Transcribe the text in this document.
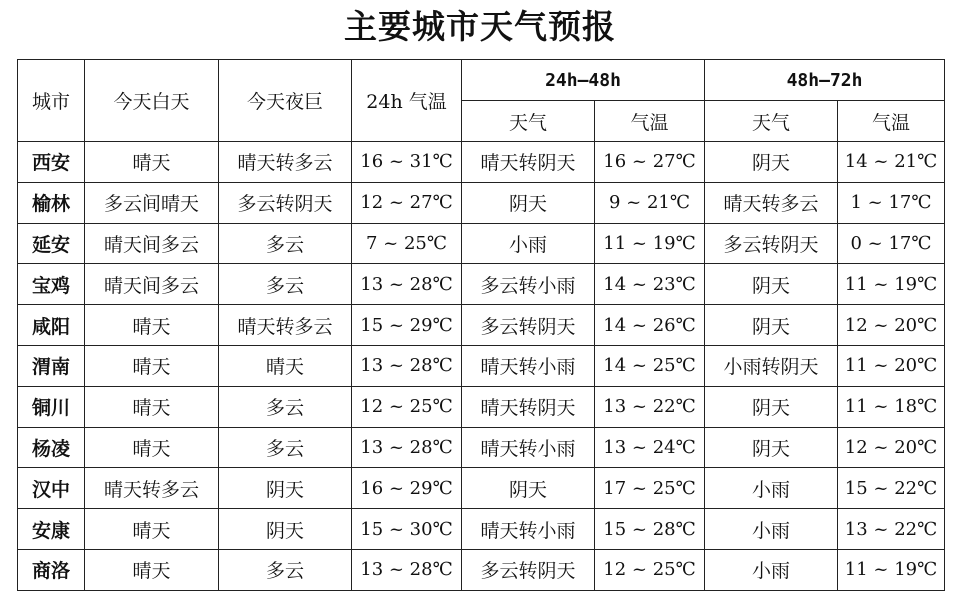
主要城市天气预报
城市	今天白天	今天夜巨	24h 气温	24h—48h		48h—72h	
				天气	气温	天气	气温
西安	晴天	晴天转多云	16 ~ 31℃	晴天转阴天	16 ~ 27℃	阴天	14 ~ 21℃
榆林	多云间晴天	多云转阴天	12 ~ 27℃	阴天	9 ~ 21℃	晴天转多云	1 ~ 17℃
延安	晴天间多云	多云	7 ~ 25℃	小雨	11 ~ 19℃	多云转阴天	0 ~ 17℃
宝鸡	晴天间多云	多云	13 ~ 28℃	多云转小雨	14 ~ 23℃	阴天	11 ~ 19℃
咸阳	晴天	晴天转多云	15 ~ 29℃	多云转阴天	14 ~ 26℃	阴天	12 ~ 20℃
渭南	晴天	晴天	13 ~ 28℃	晴天转小雨	14 ~ 25℃	小雨转阴天	11 ~ 20℃
铜川	晴天	多云	12 ~ 25℃	晴天转阴天	13 ~ 22℃	阴天	11 ~ 18℃
杨凌	晴天	多云	13 ~ 28℃	晴天转小雨	13 ~ 24℃	阴天	12 ~ 20℃
汉中	晴天转多云	阴天	16 ~ 29℃	阴天	17 ~ 25℃	小雨	15 ~ 22℃
安康	晴天	阴天	15 ~ 30℃	晴天转小雨	15 ~ 28℃	小雨	13 ~ 22℃
商洛	晴天	多云	13 ~ 28℃	多云转阴天	12 ~ 25℃	小雨	11 ~ 19℃
